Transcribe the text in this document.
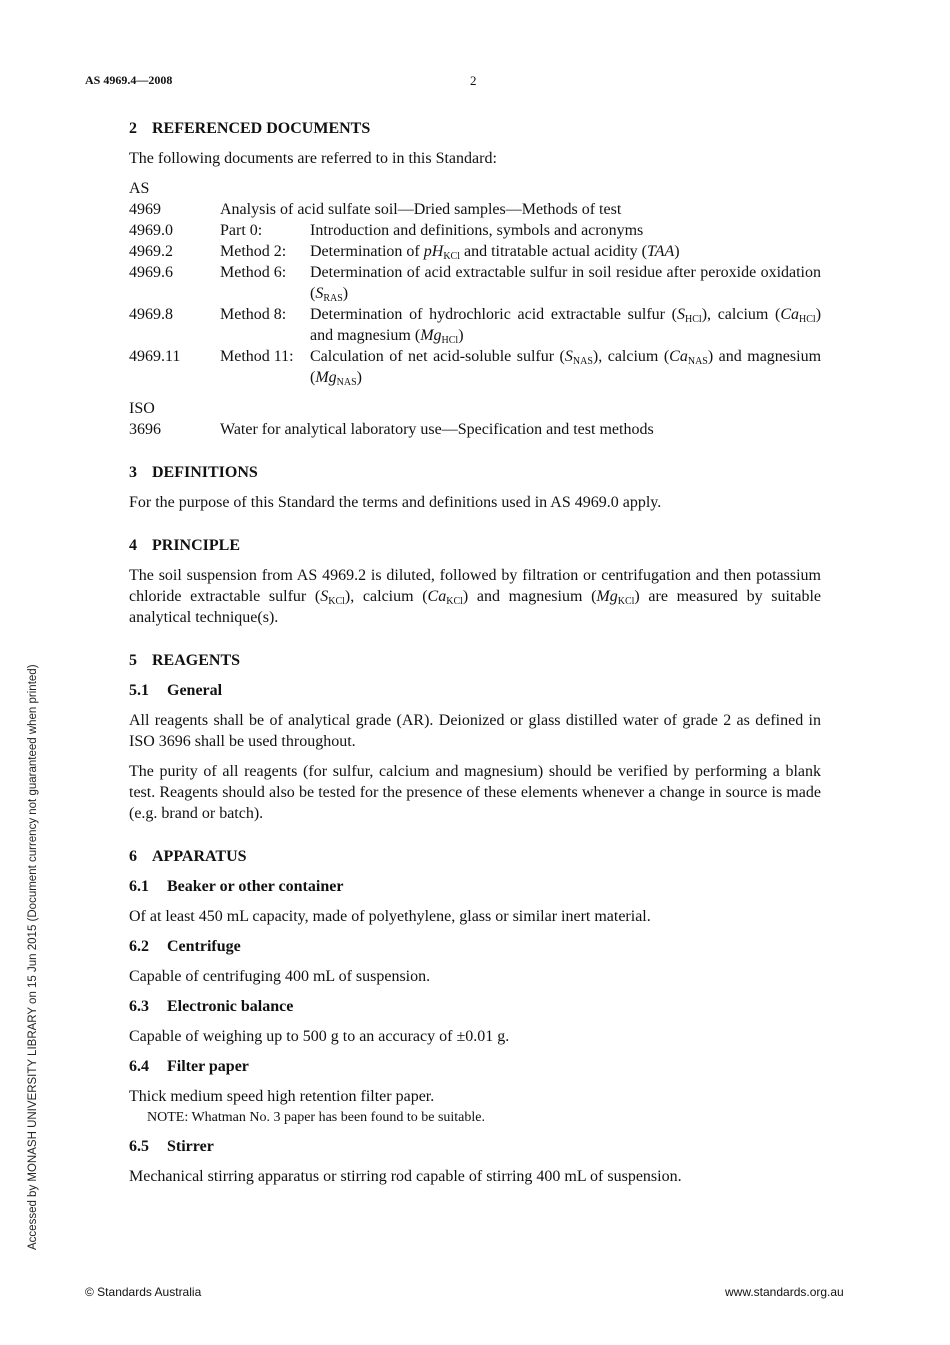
AS 4969.4—2008	2
Accessed by MONASH UNIVERSITY LIBRARY on 15 Jun 2015 (Document currency not guaranteed when printed)
2 REFERENCED DOCUMENTS

The following documents are referred to in this Standard:

AS		
4969	Analysis of acid sulfate soil—Dried samples—Methods of test	
4969.0	Part 0:	Introduction and definitions, symbols and acronyms
4969.2	Method 2:	Determination of $pH_{KCl}$ and titratable actual acidity (TAA)
4969.6	Method 6:	Determination of acid extractable sulfur in soil residue after peroxide oxidation $(S_{RAS})$
4969.8	Method 8:	Determination of hydrochloric acid extractable sulfur $(S_{HCl})$, calcium $(Ca_{HCl})$ and magnesium $(Mg_{HCl})$
4969.11	Method 11:	Calculation of net acid-soluble sulfur $(S_{NAS})$, calcium $(Ca_{NAS})$ and magnesium $(Mg_{NAS})$

ISO		
3696	Water for analytical laboratory use—Specification and test methods	
3 DEFINITIONS

For the purpose of this Standard the terms and definitions used in AS 4969.0 apply.

4 PRINCIPLE

The soil suspension from AS 4969.2 is diluted, followed by filtration or centrifugation and then potassium chloride extractable sulfur $(S_{KCl})$, calcium $(Ca_{KCl})$ and magnesium $(Mg_{KCl})$ are measured by suitable analytical technique(s).

5 REAGENTS
5.1 General

All reagents shall be of analytical grade (AR). Deionized or glass distilled water of grade 2 as defined in ISO 3696 shall be used throughout.

The purity of all reagents (for sulfur, calcium and magnesium) should be verified by performing a blank test. Reagents should also be tested for the presence of these elements whenever a change in source is made (e.g. brand or batch).

6 APPARATUS
6.1 Beaker or other container

Of at least 450 mL capacity, made of polyethylene, glass or similar inert material.

6.2 Centrifuge

Capable of centrifuging 400 mL of suspension.

6.3 Electronic balance

Capable of weighing up to 500 g to an accuracy of ±0.01 g.

6.4 Filter paper

Thick medium speed high retention filter paper.

NOTE: Whatman No. 3 paper has been found to be suitable.

6.5 Stirrer

Mechanical stirring apparatus or stirring rod capable of stirring 400 mL of suspension.

© Standards Australia	www.standards.org.au
